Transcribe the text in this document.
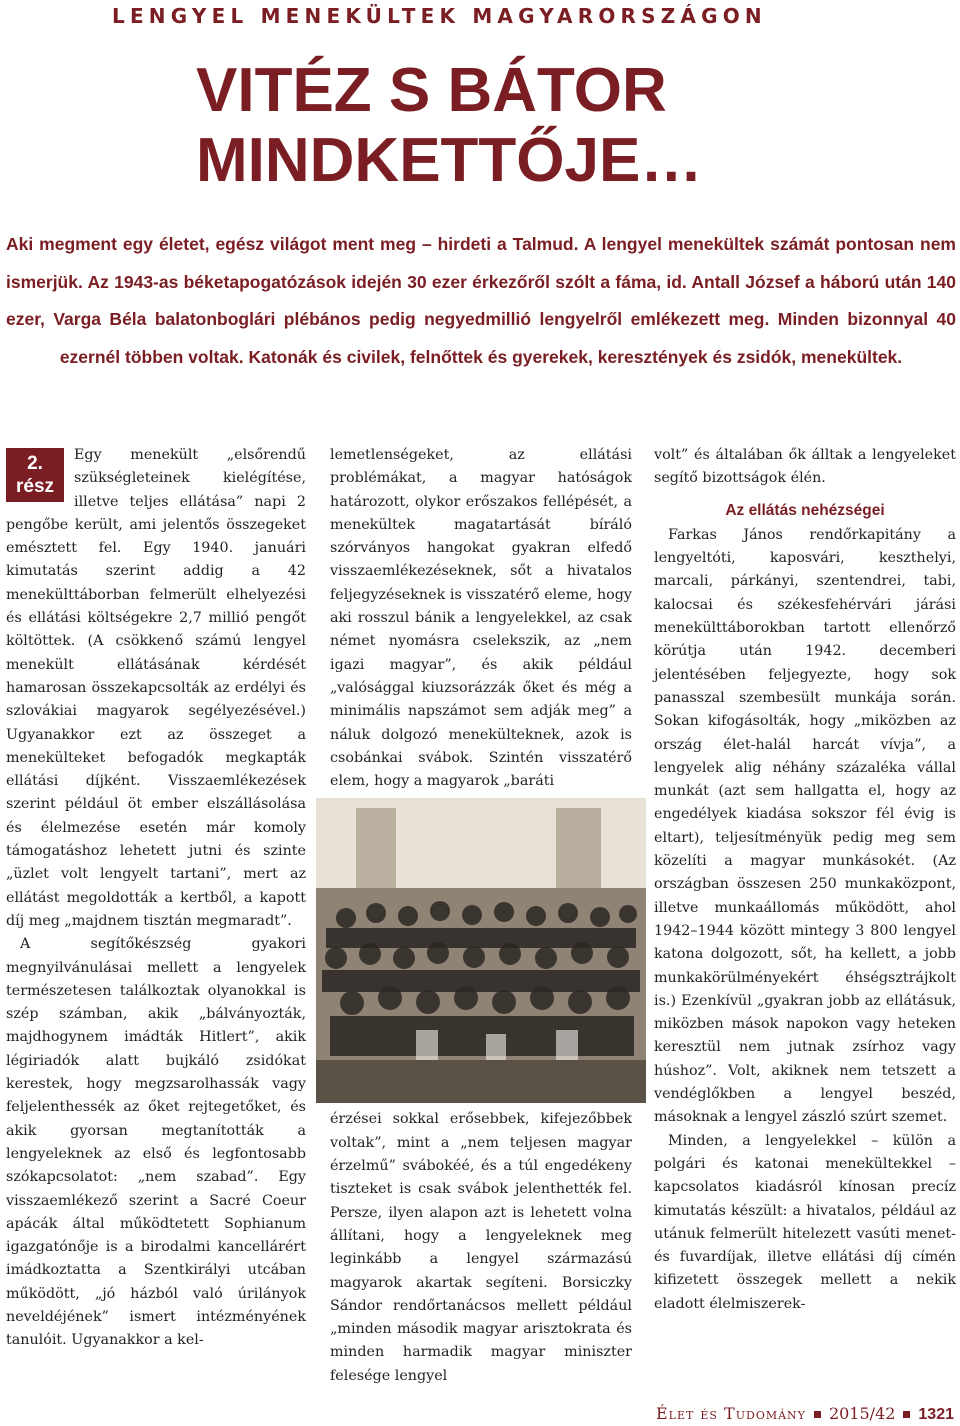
LENGYEL MENEKÜLTEK MAGYARORSZÁGON
VITÉZ S BÁTOR
MINDKETTŐJE…
Aki megment egy életet, egész világot ment meg – hirdeti a Talmud. A lengyel menekültek számát pontosan nem ismerjük. Az 1943-as béketapogatózások idején 30 ezer érkezőről szólt a fáma, id. Antall József a háború után 140 ezer, Varga Béla balatonboglári plébános pedig negyedmillió lengyelről emlékezett meg. Minden bizonnyal 40 ezernél többen voltak. Katonák és civilek, felnőttek és gyerekek, keresztények és zsidók, menekültek.
2.
rész

Egy menekült „elsőrendű szükségleteinek kielégítése, illetve teljes ellátása” napi 2 pengőbe került, ami jelentős összegeket emésztett fel. Egy 1940. januári kimutatás szerint addig a 42 menekülttáborban felmerült elhelyezési és ellátási költségekre 2,7 millió pengőt költöttek. (A csökkenő számú lengyel menekült ellátásának kérdését hamarosan összekapcsolták az erdélyi és szlovákiai magyarok segélyezésével.) Ugyanakkor ezt az összeget a menekülteket befogadók megkapták ellátási díjként. Visszaemlékezések szerint például öt ember elszállásolása és élelmezése esetén már komoly támogatáshoz lehetett jutni és szinte „üzlet volt lengyelt tartani”, mert az ellátást megoldották a kertből, a kapott díj meg „majdnem tisztán megmaradt”.

A segítőkészség gyakori megnyilvánulásai mellett a lengyelek természetesen találkoztak olyanokkal is szép számban, akik „bálványozták, majdhogynem imádták Hitlert”, akik légiriadók alatt bujkáló zsidókat kerestek, hogy megzsarolhassák vagy feljelenthessék az őket rejtegetőket, és akik gyorsan megtanították a lengyeleknek az első és legfontosabb szókapcsolatot: „nem szabad”. Egy visszaemlékező szerint a Sacré Coeur apácák által működtetett Sophianum igazgatónője is a birodalmi kancellárért imádkoztatta a Szentkirályi utcában működött, „jó házból való úrilányok neveldéjének” ismert intézményének tanulóit. Ugyanakkor a kel-

lemetlenségeket, az ellátási problémákat, a magyar hatóságok határozott, olykor erőszakos fellépését, a menekültek magatartását bíráló szórványos hangokat gyakran elfedő visszaemlékezéseknek, sőt a hivatalos feljegyzéseknek is visszatérő eleme, hogy aki rosszul bánik a lengyelekkel, az csak német nyomásra cselekszik, az „nem igazi magyar”, és akik például „valósággal kiuzsorázzák őket és még a minimális napszámot sem adják meg” a náluk dolgozó menekülteknek, azok is csobánkai svábok. Szintén visszatérő elem, hogy a magyarok „baráti

érzései sokkal erősebbek, kifejezőbbek voltak”, mint a „nem teljesen magyar érzelmű” svábokéé, és a túl engedékeny tiszteket is csak svábok jelenthették fel. Persze, ilyen alapon azt is lehetett volna állítani, hogy a lengyeleknek meg leginkább a lengyel származású magyarok akartak segíteni. Borsiczky Sándor rendőrtanácsos mellett például „minden második magyar arisztokrata és minden harmadik magyar miniszter felesége lengyel

volt” és általában ők álltak a lengyeleket segítő bizottságok élén.

Az ellátás nehézségei

Farkas János rendőrkapitány a lengyeltóti, kaposvári, keszthelyi, marcali, párkányi, szentendrei, tabi, kalocsai és székesfehérvári járási menekülttáborokban tartott ellenőrző körútja után 1942. decemberi jelentésében feljegyezte, hogy sok panasszal szembesült munkája során. Sokan kifogásolták, hogy „miközben az ország élet-halál harcát vívja”, a lengyelek alig néhány százaléka vállal munkát (azt sem hallgatta el, hogy az engedélyek kiadása sokszor fél évig is eltart), teljesítményük pedig meg sem közelíti a magyar munkásokét. (Az országban összesen 250 munkaközpont, illetve munkaállomás működött, ahol 1942–1944 között mintegy 3 800 lengyel katona dolgozott, sőt, ha kellett, a jobb munkakörülményekért éhségsztrájkolt is.) Ezenkívül „gyakran jobb az ellátásuk, miközben mások napokon vagy heteken keresztül nem jutnak zsírhoz vagy húshoz”. Volt, akiknek nem tetszett a vendéglőkben a lengyel beszéd, másoknak a lengyel zászló szúrt szemet.

Minden, a lengyelekkel – külön a polgári és katonai menekültekkel – kapcsolatos kiadásról kínosan precíz kimutatás készült: a hivatalos, például az utánuk felmerült hitelezett vasúti menet- és fuvardíjak, illetve ellátási díj címén kifizetett összegek mellett a nekik eladott élelmiszerek-

Élet és Tudomány 2015/42 1321
